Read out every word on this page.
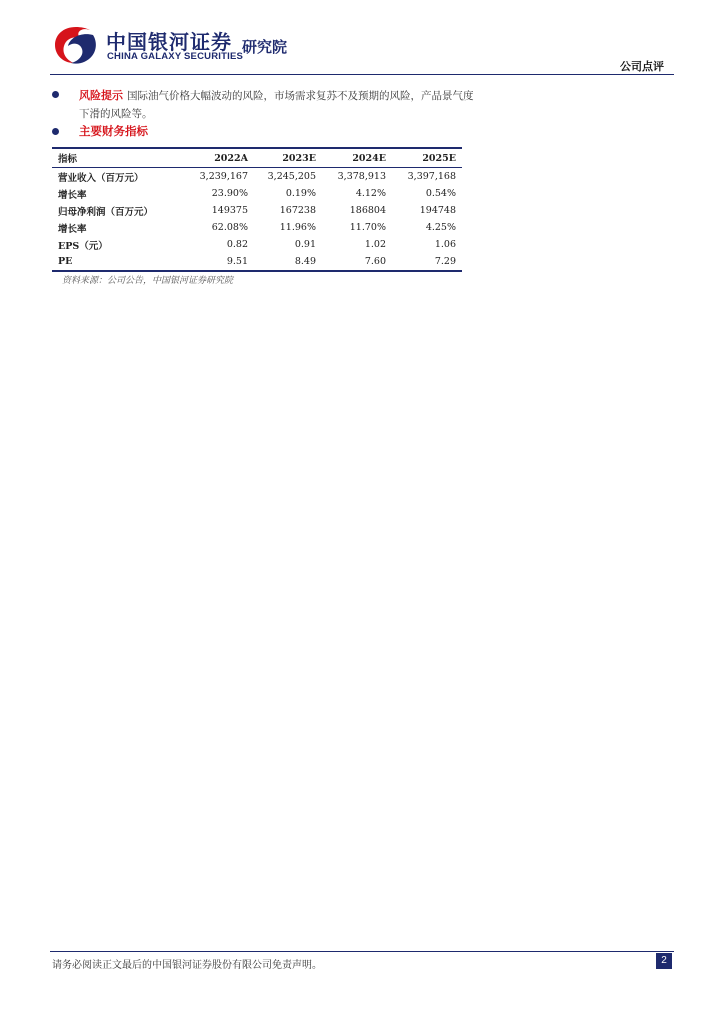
中国银河证券
CHINA GALAXY SECURITIES
研究院
公司点评
风险提示 国际油气价格大幅波动的风险，市场需求复苏不及预期的风险，产品景气度下滑的风险等。
主要财务指标
指标	2022A	2023E	2024E	2025E
营业收入（百万元）	3,239,167	3,245,205	3,378,913	3,397,168
增长率	23.90%	0.19%	4.12%	0.54%
归母净利润（百万元）	149375	167238	186804	194748
增长率	62.08%	11.96%	11.70%	4.25%
EPS（元）	0.82	0.91	1.02	1.06
PE	9.51	8.49	7.60	7.29
资料来源：公司公告，中国银河证券研究院
请务必阅读正文最后的中国银河证券股份有限公司免责声明。	2
